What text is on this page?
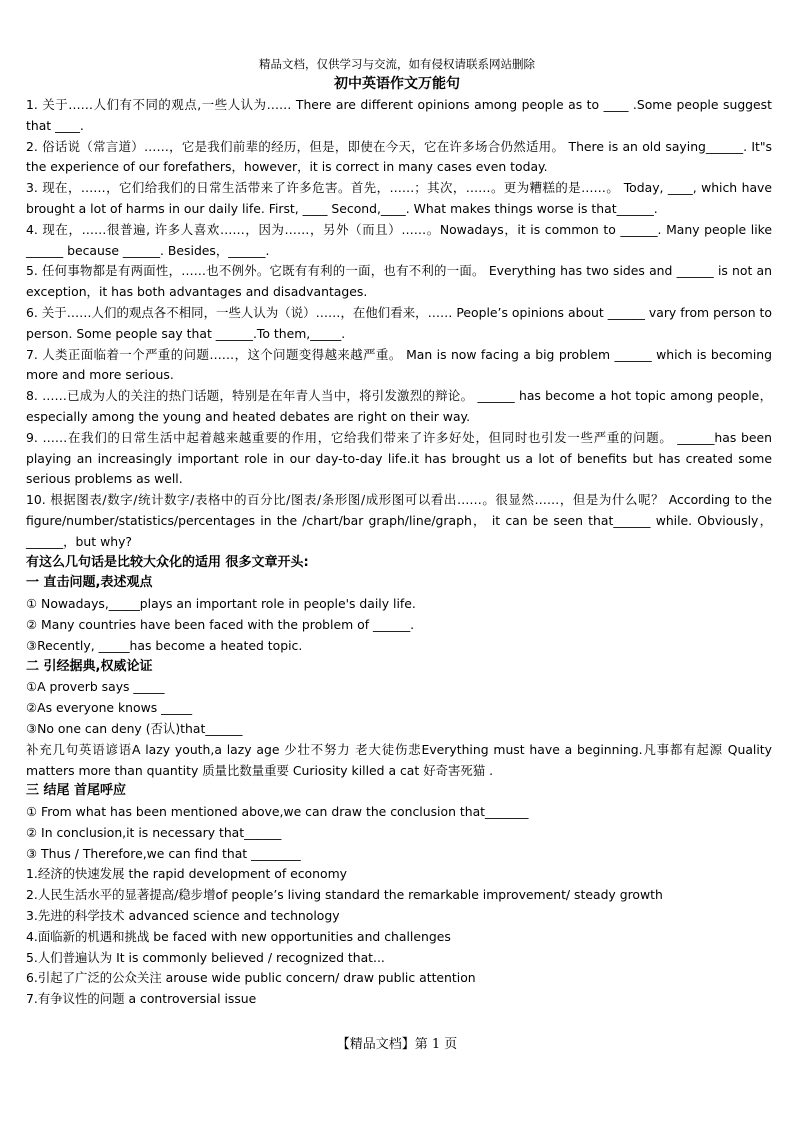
精品文档，仅供学习与交流，如有侵权请联系网站删除
初中英语作文万能句

1. 关于……人们有不同的观点,一些人认为…… There are different opinions among people as to ____ .Some people suggest that ____.

2. 俗话说（常言道）……，它是我们前辈的经历，但是，即使在今天，它在许多场合仍然适用。 There is an old saying______. It"s the experience of our forefathers，however，it is correct in many cases even today.

3. 现在，……，它们给我们的日常生活带来了许多危害。首先，……；其次，……。更为糟糕的是……。 Today, ____, which have brought a lot of harms in our daily life. First, ____ Second,____. What makes things worse is that______.

4. 现在，……很普遍, 许多人喜欢……，因为……，另外（而且）……。Nowadays，it is common to ______. Many people like ______ because ______. Besides，______.

5. 任何事物都是有两面性，……也不例外。它既有有利的一面，也有不利的一面。 Everything has two sides and ______ is not an exception，it has both advantages and disadvantages.

6. 关于……人们的观点各不相同，一些人认为（说）……，在他们看来，…… People’s opinions about ______ vary from person to person. Some people say that ______.To them,_____.

7. 人类正面临着一个严重的问题……，这个问题变得越来越严重。 Man is now facing a big problem ______ which is becoming more and more serious.

8. ……已成为人的关注的热门话题，特别是在年青人当中，将引发激烈的辩论。 ______ has become a hot topic among people，especially among the young and heated debates are right on their way.

9. ……在我们的日常生活中起着越来越重要的作用，它给我们带来了许多好处，但同时也引发一些严重的问题。 ______has been playing an increasingly important role in our day-to-day life.it has brought us a lot of benefits but has created some serious problems as well.

10. 根据图表/数字/统计数字/表格中的百分比/图表/条形图/成形图可以看出……。很显然……，但是为什么呢？ According to the figure/number/statistics/percentages in the /chart/bar graph/line/graph， it can be seen that______ while. Obviously，______，but why?

有这么几句话是比较大众化的适用 很多文章开头:

一 直击问题,表述观点

① Nowadays,_____plays an important role in people's daily life.

② Many countries have been faced with the problem of ______.

③Recently, _____has become a heated topic.

二 引经据典,权威论证

①A proverb says _____

②As everyone knows _____

③No one can deny (否认)that______

补充几句英语谚语A lazy youth,a lazy age 少壮不努力 老大徒伤悲Everything must have a beginning.凡事都有起源 Quality matters more than quantity 质量比数量重要 Curiosity killed a cat 好奇害死猫 .

三 结尾 首尾呼应

① From what has been mentioned above,we can draw the conclusion that_______

② In conclusion,it is necessary that______

③ Thus / Therefore,we can find that ________

1.经济的快速发展 the rapid development of economy

2.人民生活水平的显著提高/稳步增of people’s living standard the remarkable improvement/ steady growth

3.先进的科学技术 advanced science and technology

4.面临新的机遇和挑战 be faced with new opportunities and challenges

5.人们普遍认为 It is commonly believed / recognized that...

6.引起了广泛的公众关注 arouse wide public concern/ draw public attention

7.有争议性的问题 a controversial issue

【精品文档】第 1 页
